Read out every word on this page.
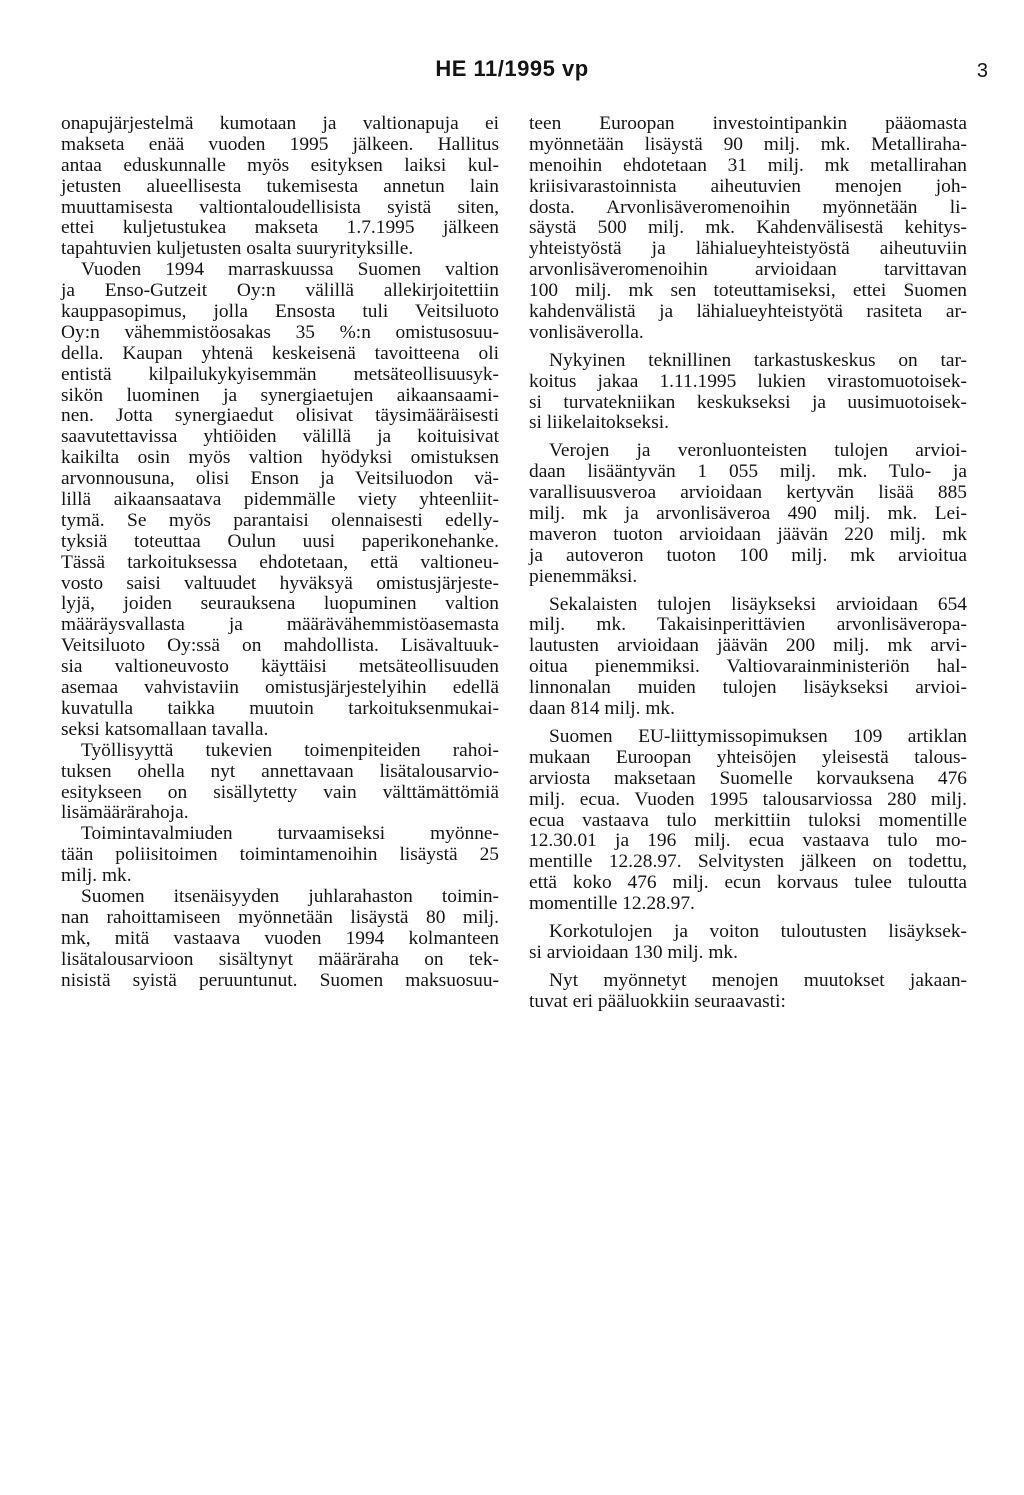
HE 11/1995 vp	3
onapujärjestelmä kumotaan ja valtionapuja ei
makseta enää vuoden 1995 jälkeen. Hallitus
antaa eduskunnalle myös esityksen laiksi kul-
jetusten alueellisesta tukemisesta annetun lain
muuttamisesta valtiontaloudellisista syistä siten,
ettei kuljetustukea makseta 1.7.1995 jälkeen
tapahtuvien kuljetusten osalta suuryrityksille.
Vuoden 1994 marraskuussa Suomen valtion
ja Enso-Gutzeit Oy:n välillä allekirjoitettiin
kauppasopimus, jolla Ensosta tuli Veitsiluoto
Oy:n vähemmistöosakas 35 %:n omistusosuu-
della. Kaupan yhtenä keskeisenä tavoitteena oli
entistä kilpailukykyisemmän metsäteollisuusyk-
sikön luominen ja synergiaetujen aikaansaami-
nen. Jotta synergiaedut olisivat täysimääräisesti
saavutettavissa yhtiöiden välillä ja koituisivat
kaikilta osin myös valtion hyödyksi omistuksen
arvonnousuna, olisi Enson ja Veitsiluodon vä-
lillä aikaansaatava pidemmälle viety yhteenliit-
tymä. Se myös parantaisi olennaisesti edelly-
tyksiä toteuttaa Oulun uusi paperikonehanke.
Tässä tarkoituksessa ehdotetaan, että valtioneu-
vosto saisi valtuudet hyväksyä omistusjärjeste-
lyjä, joiden seurauksena luopuminen valtion
määräysvallasta ja määrävähemmistöasemasta
Veitsiluoto Oy:ssä on mahdollista. Lisävaltuuk-
sia valtioneuvosto käyttäisi metsäteollisuuden
asemaa vahvistaviin omistusjärjestelyihin edellä
kuvatulla taikka muutoin tarkoituksenmukai-
seksi katsomallaan tavalla.
Työllisyyttä tukevien toimenpiteiden rahoi-
tuksen ohella nyt annettavaan lisätalousarvio-
esitykseen on sisällytetty vain välttämättömiä
lisämäärärahoja.
Toimintavalmiuden turvaamiseksi myönne-
tään poliisitoimen toimintamenoihin lisäystä 25
milj. mk.
Suomen itsenäisyyden juhlarahaston toimin-
nan rahoittamiseen myönnetään lisäystä 80 milj.
mk, mitä vastaava vuoden 1994 kolmanteen
lisätalousarvioon sisältynyt määräraha on tek-
nisistä syistä peruuntunut. Suomen maksuosuu-
teen Euroopan investointipankin pääomasta
myönnetään lisäystä 90 milj. mk. Metalliraha-
menoihin ehdotetaan 31 milj. mk metallirahan
kriisivarastoinnista aiheutuvien menojen joh-
dosta. Arvonlisäveromenoihin myönnetään li-
säystä 500 milj. mk. Kahdenvälisestä kehitys-
yhteistyöstä ja lähialueyhteistyöstä aiheutuviin
arvonlisäveromenoihin arvioidaan tarvittavan
100 milj. mk sen toteuttamiseksi, ettei Suomen
kahdenvälistä ja lähialueyhteistyötä rasiteta ar-
vonlisäverolla.
Nykyinen teknillinen tarkastuskeskus on tar-
koitus jakaa 1.11.1995 lukien virastomuotoisek-
si turvatekniikan keskukseksi ja uusimuotoisek-
si liikelaitokseksi.
Verojen ja veronluonteisten tulojen arvioi-
daan lisääntyvän 1 055 milj. mk. Tulo- ja
varallisuusveroa arvioidaan kertyvän lisää 885
milj. mk ja arvonlisäveroa 490 milj. mk. Lei-
maveron tuoton arvioidaan jäävän 220 milj. mk
ja autoveron tuoton 100 milj. mk arvioitua
pienemmäksi.
Sekalaisten tulojen lisäykseksi arvioidaan 654
milj. mk. Takaisinperittävien arvonlisäveropa-
lautusten arvioidaan jäävän 200 milj. mk arvi-
oitua pienemmiksi. Valtiovarainministeriön hal-
linnonalan muiden tulojen lisäykseksi arvioi-
daan 814 milj. mk.
Suomen EU-liittymissopimuksen 109 artiklan
mukaan Euroopan yhteisöjen yleisestä talous-
arviosta maksetaan Suomelle korvauksena 476
milj. ecua. Vuoden 1995 talousarviossa 280 milj.
ecua vastaava tulo merkittiin tuloksi momentille
12.30.01 ja 196 milj. ecua vastaava tulo mo-
mentille 12.28.97. Selvitysten jälkeen on todettu,
että koko 476 milj. ecun korvaus tulee tuloutta
momentille 12.28.97.
Korkotulojen ja voiton tuloutusten lisäyksek-
si arvioidaan 130 milj. mk.
Nyt myönnetyt menojen muutokset jakaan-
tuvat eri pääluokkiin seuraavasti:
